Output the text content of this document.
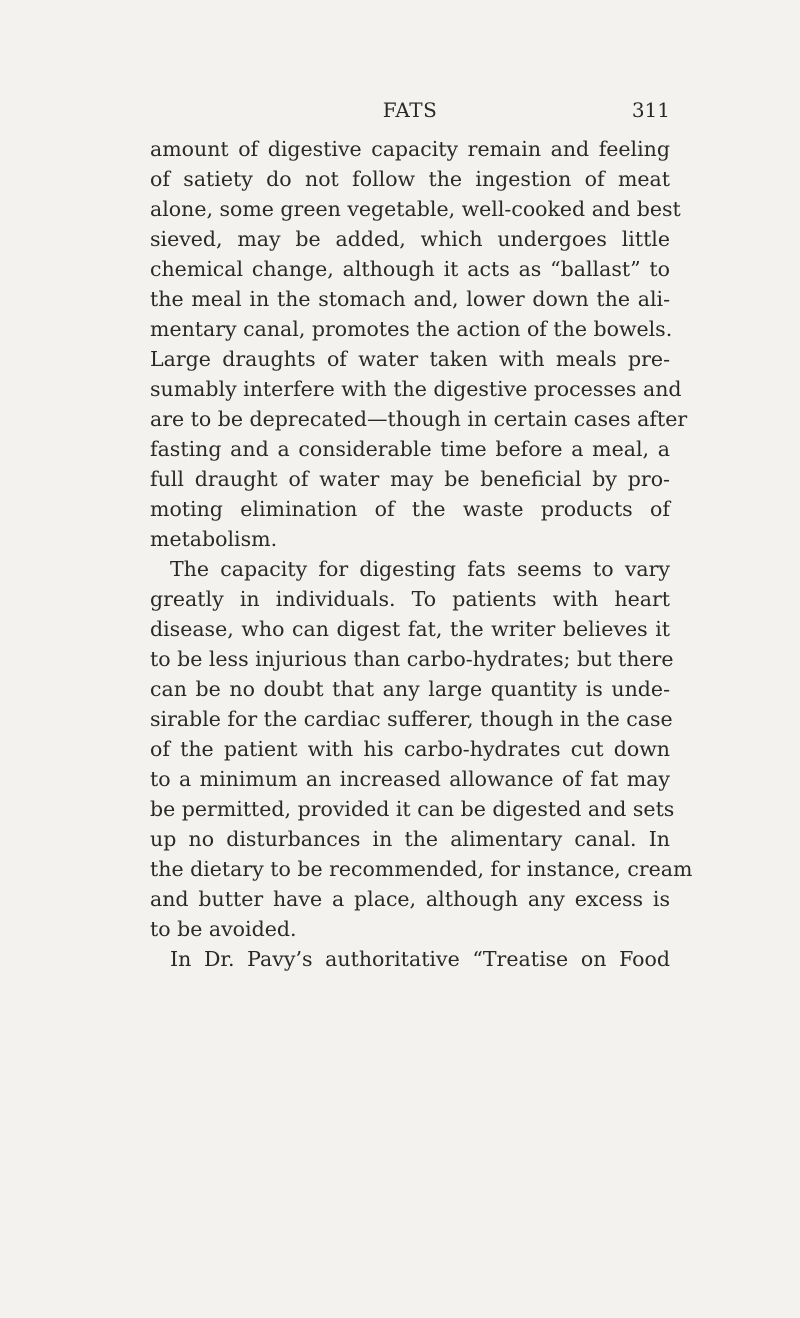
FATS	311
amount of digestive capacity remain and feeling
of satiety do not follow the ingestion of meat
alone, some green vegetable, well-cooked and best
sieved, may be added, which undergoes little
chemical change, although it acts as “ballast” to
the meal in the stomach and, lower down the ali-
mentary canal, promotes the action of the bowels.
Large draughts of water taken with meals pre-
sumably interfere with the digestive processes and
are to be deprecated—though in certain cases after
fasting and a considerable time before a meal, a
full draught of water may be beneficial by pro-
moting elimination of the waste products of
metabolism.
The capacity for digesting fats seems to vary
greatly in individuals. To patients with heart
disease, who can digest fat, the writer believes it
to be less injurious than carbo-hydrates; but there
can be no doubt that any large quantity is unde-
sirable for the cardiac sufferer, though in the case
of the patient with his carbo-hydrates cut down
to a minimum an increased allowance of fat may
be permitted, provided it can be digested and sets
up no disturbances in the alimentary canal. In
the dietary to be recommended, for instance, cream
and butter have a place, although any excess is
to be avoided.
In Dr. Pavy’s authoritative “Treatise on Food
